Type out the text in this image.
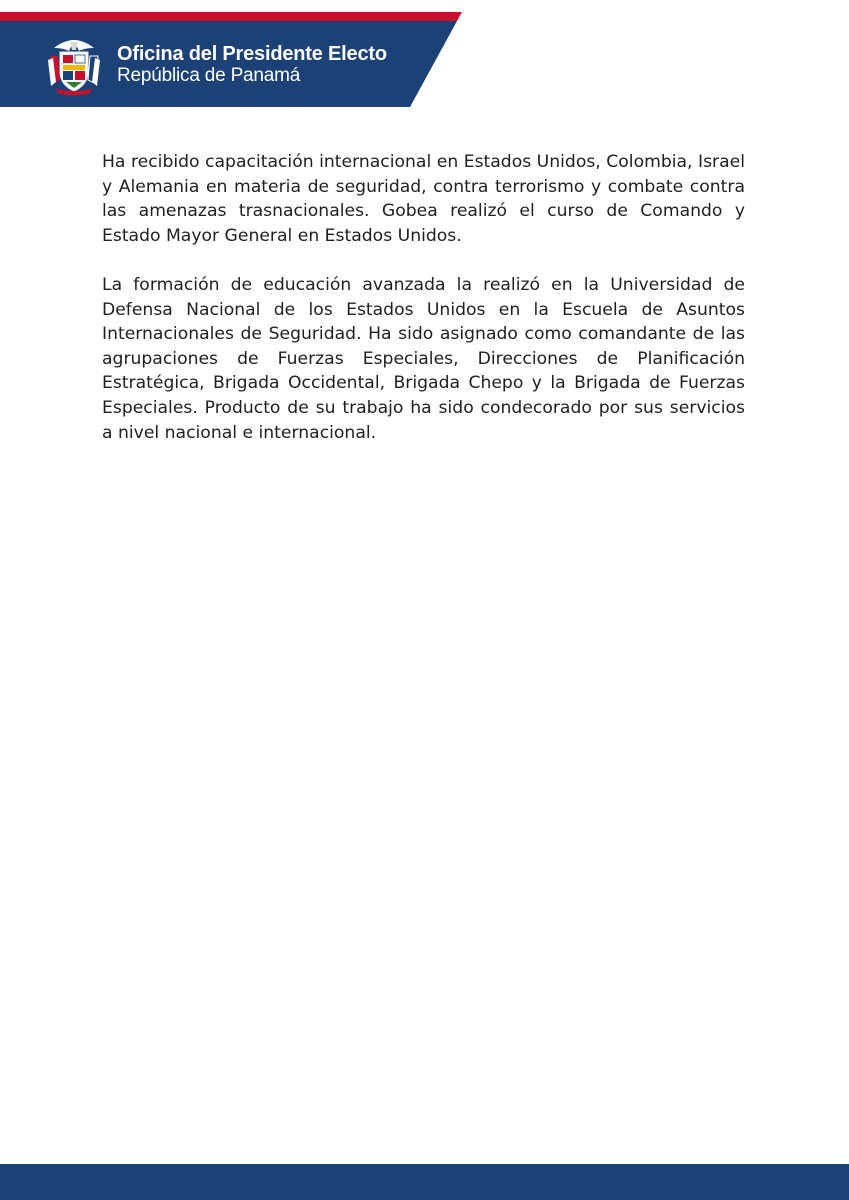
Oficina del Presidente Electo
República de Panamá

Ha recibido capacitación internacional en Estados Unidos, Colombia, Israel y Alemania en materia de seguridad, contra terrorismo y combate contra las amenazas trasnacionales. Gobea realizó el curso de Comando y Estado Mayor General en Estados Unidos.

La formación de educación avanzada la realizó en la Universidad de Defensa Nacional de los Estados Unidos en la Escuela de Asuntos Internacionales de Seguridad. Ha sido asignado como comandante de las agrupaciones de Fuerzas Especiales, Direcciones de Planificación Estratégica, Brigada Occidental, Brigada Chepo y la Brigada de Fuerzas Especiales. Producto de su trabajo ha sido condecorado por sus servicios a nivel nacional e internacional.
